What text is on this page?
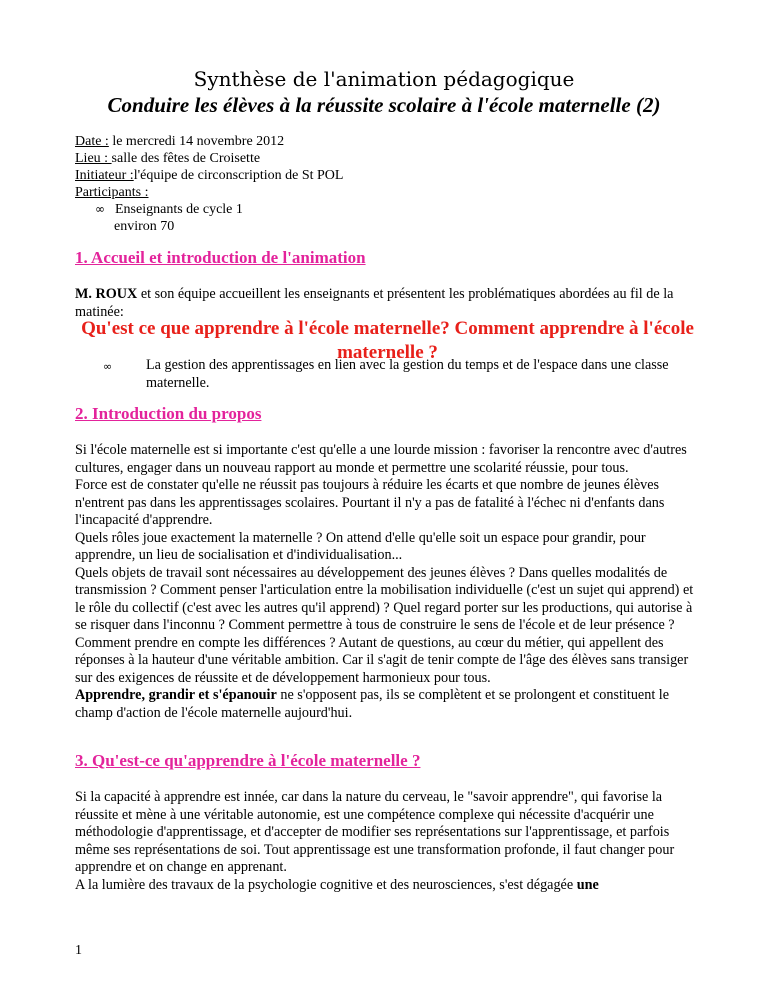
Synthèse de l'animation pédagogique
Conduire les élèves à la réussite scolaire à l'école maternelle (2)
Date : le mercredi 14 novembre 2012
Lieu : salle des fêtes de Croisette
Initiateur :l'équipe de circonscription de St POL
Participants :
∞ Enseignants de cycle 1
environ 70
1. Accueil et introduction de l'animation
M. ROUX et son équipe accueillent les enseignants et présentent les problématiques abordées au fil de la matinée:
Qu'est ce que apprendre à l'école maternelle? Comment apprendre à l'école maternelle ?
∞ La gestion des apprentissages en lien avec la gestion du temps et de l'espace dans une classe maternelle.
2. Introduction du propos
Si l'école maternelle est si importante c'est qu'elle a une lourde mission : favoriser la rencontre avec d'autres cultures, engager dans un nouveau rapport au monde et permettre une scolarité réussie, pour tous.
Force est de constater qu'elle ne réussit pas toujours à réduire les écarts et que nombre de jeunes élèves n'entrent pas dans les apprentissages scolaires. Pourtant il n'y a pas de fatalité à l'échec ni d'enfants dans l'incapacité d'apprendre.
Quels rôles joue exactement la maternelle ? On attend d'elle qu'elle soit un espace pour grandir, pour apprendre, un lieu de socialisation et d'individualisation...
Quels objets de travail sont nécessaires au développement des jeunes élèves ? Dans quelles modalités de transmission ? Comment penser l'articulation entre la mobilisation individuelle (c'est un sujet qui apprend) et le rôle du collectif (c'est avec les autres qu'il apprend) ? Quel regard porter sur les productions, qui autorise à se risquer dans l'inconnu ? Comment permettre à tous de construire le sens de l'école et de leur présence ? Comment prendre en compte les différences ? Autant de questions, au cœur du métier, qui appellent des réponses à la hauteur d'une véritable ambition. Car il s'agit de tenir compte de l'âge des élèves sans transiger sur des exigences de réussite et de développement harmonieux pour tous.
Apprendre, grandir et s'épanouir ne s'opposent pas, ils se complètent et se prolongent et constituent le champ d'action de l'école maternelle aujourd'hui.
3. Qu'est-ce qu'apprendre à l'école maternelle ?
Si la capacité à apprendre est innée, car dans la nature du cerveau, le "savoir apprendre", qui favorise la réussite et mène à une véritable autonomie, est une compétence complexe qui nécessite d'acquérir une méthodologie d'apprentissage, et d'accepter de modifier ses représentations sur l'apprentissage, et parfois même ses représentations de soi. Tout apprentissage est une transformation profonde, il faut changer pour apprendre et on change en apprenant.
A la lumière des travaux de la psychologie cognitive et des neurosciences, s'est dégagée une
1
